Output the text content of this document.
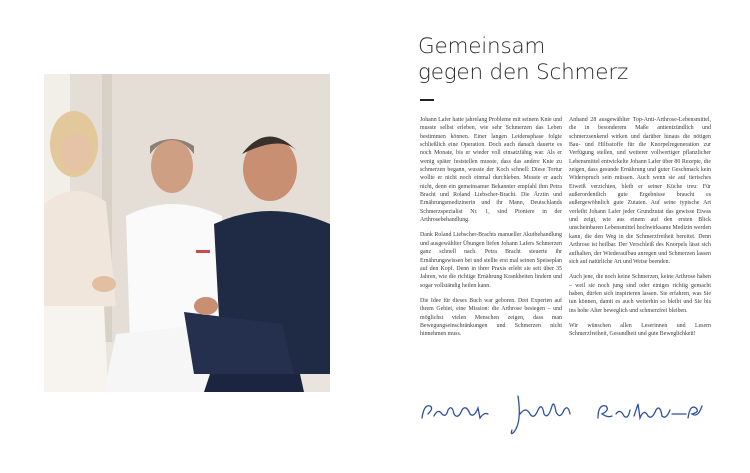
Gemeinsam
gegen den Schmerz

Johann Lafer hatte jahrelang Probleme mit seinem Knie und musste selbst erleben, wie sehr Schmerzen das Leben bestimmen können. Einer langen Leidensphase folgte schließlich eine Operation. Doch auch danach dauerte es noch Monate, bis er wieder voll einsatzfähig war. Als er wenig später feststellen musste, dass das andere Knie zu schmerzen begann, wusste der Koch schnell: Diese Tortur wollte er nicht noch einmal durchleben. Musste er auch nicht, denn ein gemeinsamer Bekannter empfahl ihm Petra Bracht und Roland Liebscher-Bracht. Die Ärztin und Ernährungsmedizinerin und ihr Mann, Deutschlands Schmerzspezialist Nr. 1, sind Pioniere in der Arthrosebehandlung.

Dank Roland Liebscher-Brachts manueller Akutbehandlung und ausgewählter Übungen liefen Johann Lafers Schmerzen ganz schnell nach. Petra Bracht steuerte ihr Ernährungswissen bei und stellte erst mal seinen Speiseplan auf den Kopf. Denn in ihrer Praxis erlebt sie seit über 35 Jahren, wie die richtige Ernährung Krankheiten lindern und sogar vollständig heilen kann.

Die Idee für dieses Buch war geboren. Drei Experten auf ihrem Gebiet, eine Mission: die Arthrose besiegen – und möglichst vielen Menschen zeigen, dass man Bewegungseinschränkungen und Schmerzen nicht hinnehmen muss.

Anhand 28 ausgewählter Top-Anti-Arthrose-Lebensmittel, die in besonderem Maße antientzündlich und schmerzsenkend wirken und darüber hinaus die nötigen Bau- und Hilfsstoffe für die Knorpelregeneration zur Verfügung stellen, und weiterer vollwertiger pflanzlicher Lebensmittel entwickelte Johann Lafer über 80 Rezepte, die zeigen, dass gesunde Ernährung und guter Geschmack kein Widerspruch sein müssen. Auch wenn sie auf tierisches Eiweiß verzichten, bleib er seiner Küche treu: Für außerordentlich gute Ergebnisse braucht es außergewöhnlich gute Zutaten. Auf seine typische Art verleiht Johann Lafer jeder Grundzutat das gewisse Etwas und zeigt, wie aus einem auf den ersten Blick unscheinbaren Lebensmittel hochwirksame Medizin werden kann, die den Weg in die Schmerzfreiheit bereitet. Denn Arthrose ist heilbar. Der Verschleiß des Knorpels lässt sich aufhalten, der Wiederaufbau anregen und Schmerzen lassen sich auf natürliche Art und Weise beenden.

Auch jene, die noch keine Schmerzen, keine Arthrose haben – weil sie noch jung sind oder einiges richtig gemacht haben, dürfen sich inspirieren lassen. Sie erfahren, was Sie tun können, damit es auch weiterhin so bleibt und Sie bis ins hohe Alter beweglich und schmerzfrei bleiben.

Wir wünschen allen Leserinnen und Lesern Schmerzfreiheit, Gesundheit und gute Beweglichkeit!
